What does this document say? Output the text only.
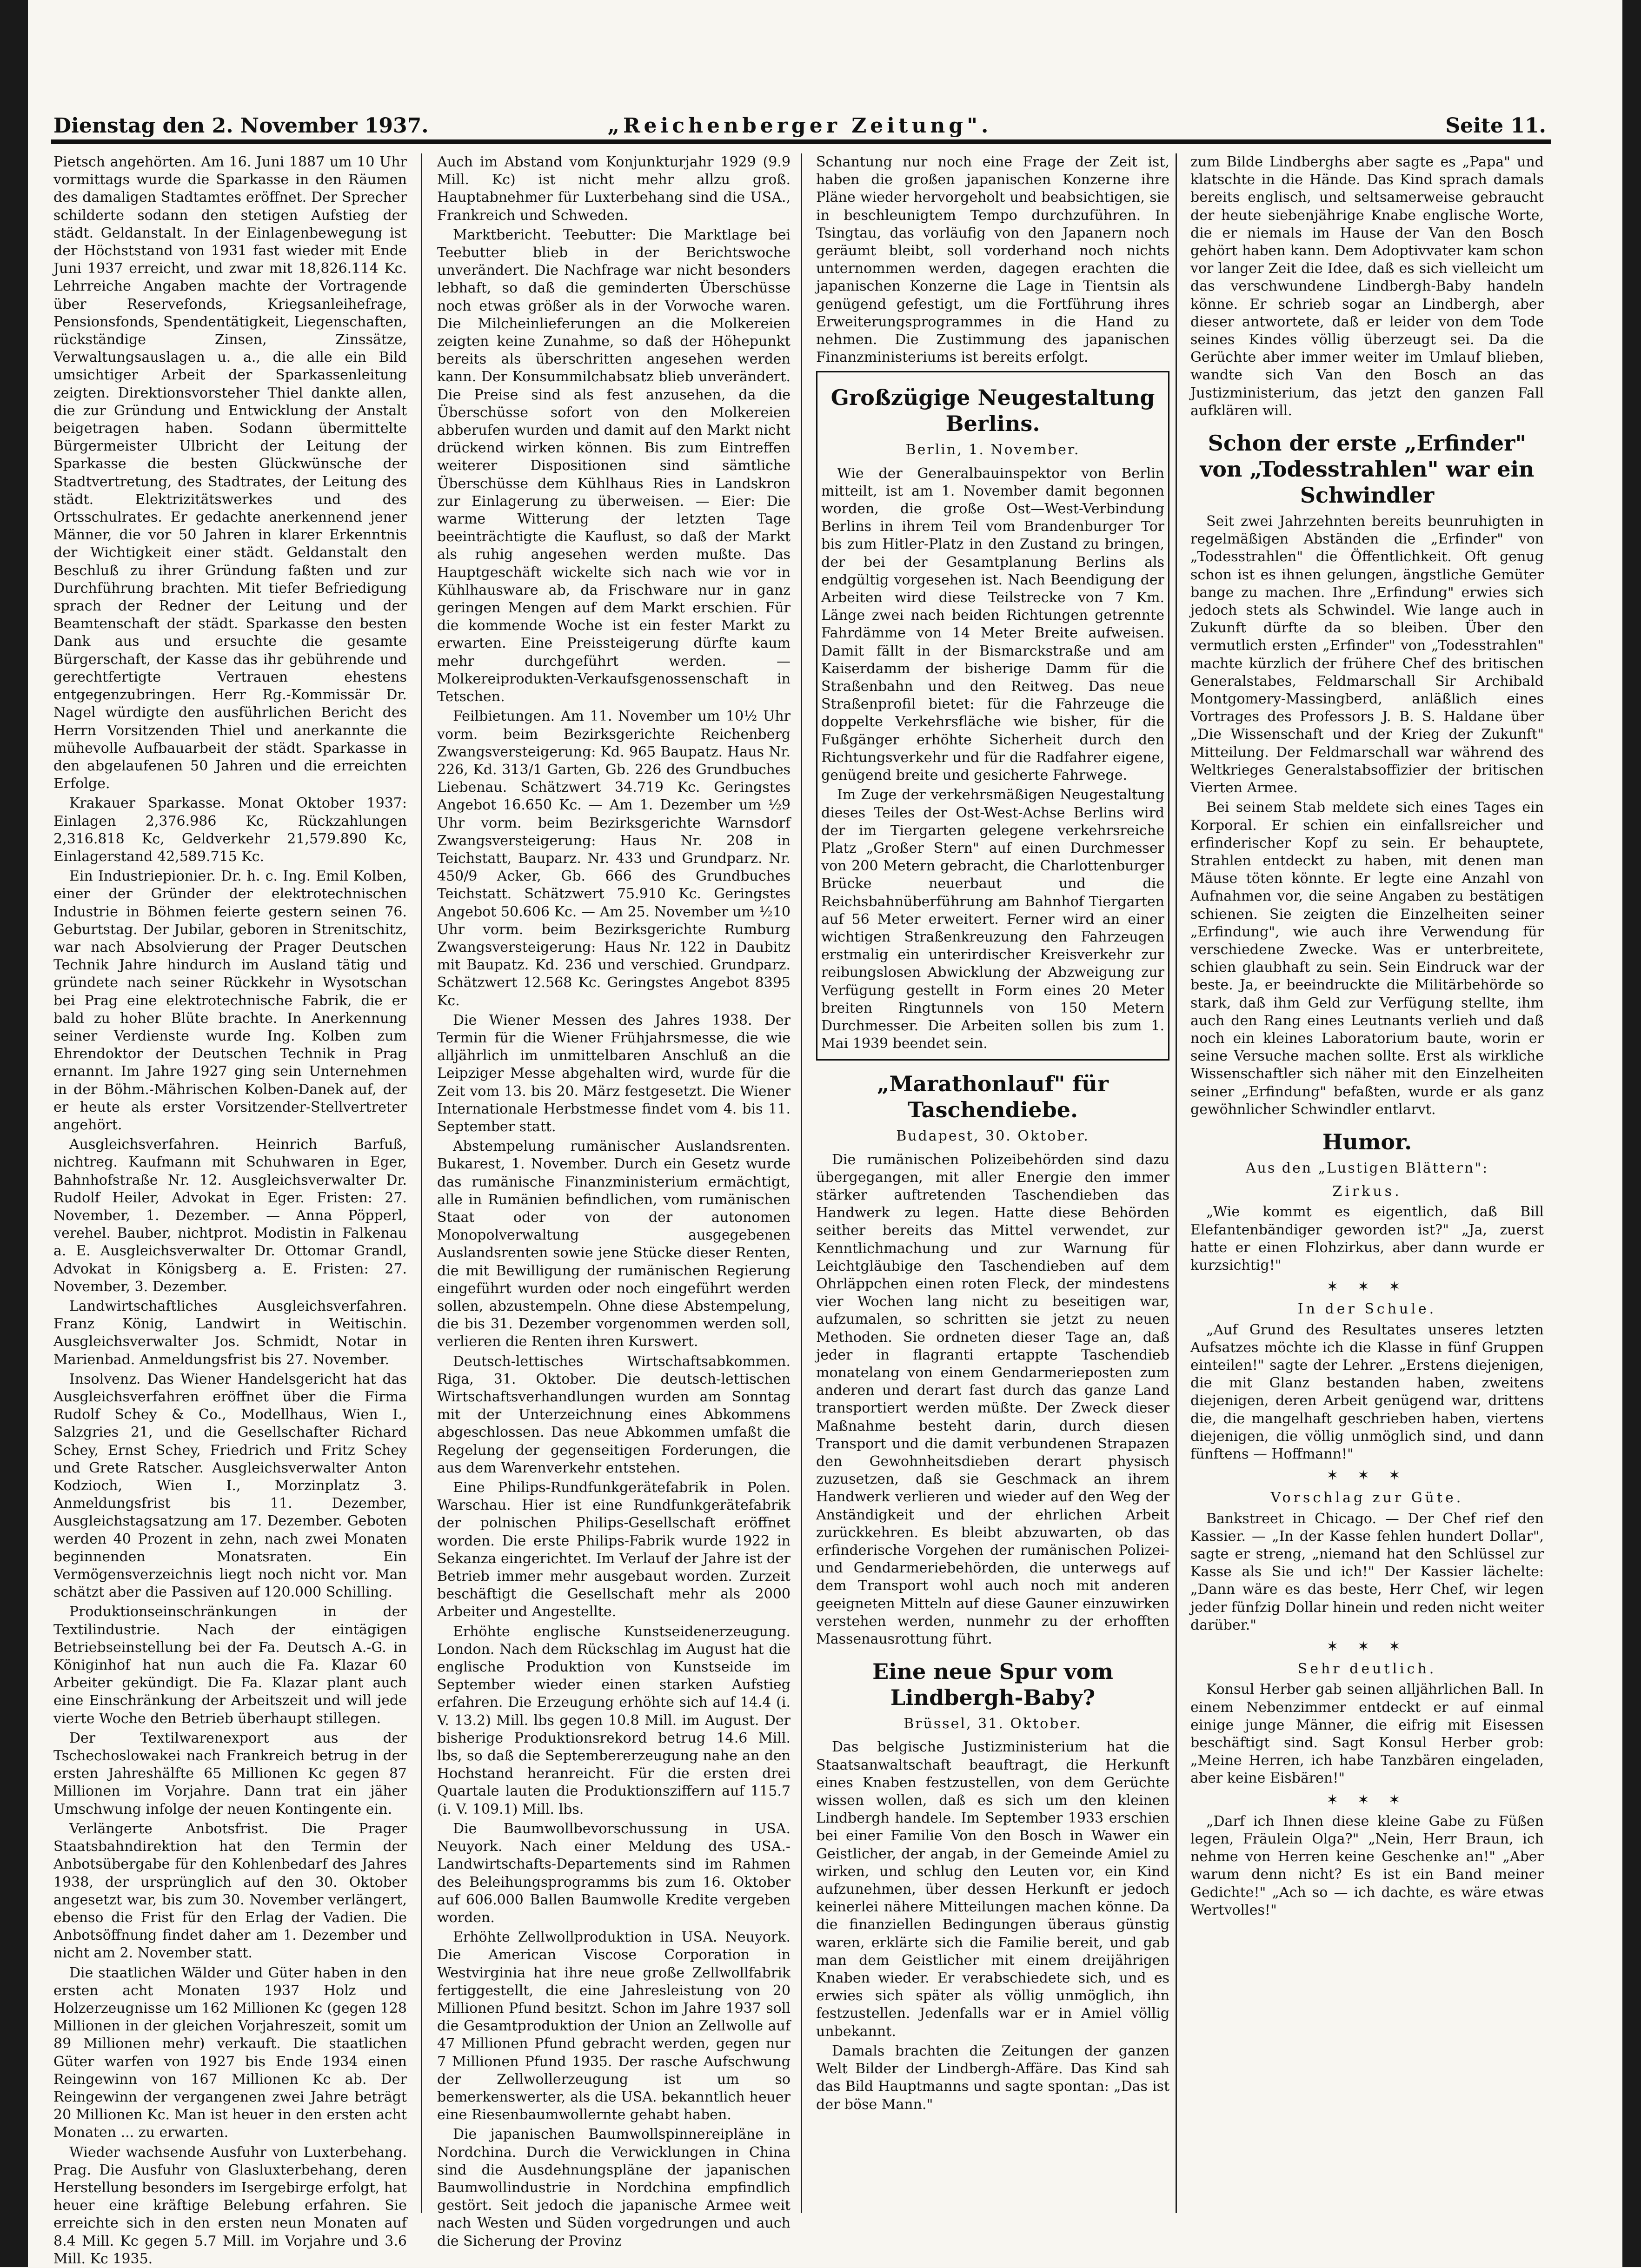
Dienstag den 2. November 1937.	„Reichenberger Zeitung".	Seite 11.

Pietsch angehörten. Am 16. Juni 1887 um 10 Uhr vormittags wurde die Sparkasse in den Räumen des damaligen Stadtamtes eröffnet. Der Sprecher schilderte sodann den stetigen Aufstieg der städt. Geldanstalt. In der Einlagenbewegung ist der Höchststand von 1931 fast wieder mit Ende Juni 1937 erreicht, und zwar mit 18,826.114 Kc. Lehrreiche Angaben machte der Vortragende über Reservefonds, Kriegsanleihefrage, Pensionsfonds, Spendentätigkeit, Liegenschaften, rückständige Zinsen, Zinssätze, Verwaltungsauslagen u. a., die alle ein Bild umsichtiger Arbeit der Sparkassenleitung zeigten. Direktionsvorsteher Thiel dankte allen, die zur Gründung und Entwicklung der Anstalt beigetragen haben. Sodann übermittelte Bürgermeister Ulbricht der Leitung der Sparkasse die besten Glückwünsche der Stadtvertretung, des Stadtrates, der Leitung des städt. Elektrizitätswerkes und des Ortsschulrates. Er gedachte anerkennend jener Männer, die vor 50 Jahren in klarer Erkenntnis der Wichtigkeit einer städt. Geldanstalt den Beschluß zu ihrer Gründung faßten und zur Durchführung brachten. Mit tiefer Befriedigung sprach der Redner der Leitung und der Beamtenschaft der städt. Sparkasse den besten Dank aus und ersuchte die gesamte Bürgerschaft, der Kasse das ihr gebührende und gerechtfertigte Vertrauen ehestens entgegenzubringen. Herr Rg.-Kommissär Dr. Nagel würdigte den ausführlichen Bericht des Herrn Vorsitzenden Thiel und anerkannte die mühevolle Aufbauarbeit der städt. Sparkasse in den abgelaufenen 50 Jahren und die erreichten Erfolge.

Krakauer Sparkasse. Monat Oktober 1937: Einlagen 2,376.986 Kc, Rückzahlungen 2,316.818 Kc, Geldverkehr 21,579.890 Kc, Einlagerstand 42,589.715 Kc.

Ein Industriepionier. Dr. h. c. Ing. Emil Kolben, einer der Gründer der elektrotechnischen Industrie in Böhmen feierte gestern seinen 76. Geburtstag. Der Jubilar, geboren in Strenitschitz, war nach Absolvierung der Prager Deutschen Technik Jahre hindurch im Ausland tätig und gründete nach seiner Rückkehr in Wysotschan bei Prag eine elektrotechnische Fabrik, die er bald zu hoher Blüte brachte. In Anerkennung seiner Verdienste wurde Ing. Kolben zum Ehrendoktor der Deutschen Technik in Prag ernannt. Im Jahre 1927 ging sein Unternehmen in der Böhm.-Mährischen Kolben-Danek auf, der er heute als erster Vorsitzender-Stellvertreter angehört.

Ausgleichsverfahren. Heinrich Barfuß, nichtreg. Kaufmann mit Schuhwaren in Eger, Bahnhofstraße Nr. 12. Ausgleichsverwalter Dr. Rudolf Heiler, Advokat in Eger. Fristen: 27. November, 1. Dezember. — Anna Pöpperl, verehel. Bauber, nichtprot. Modistin in Falkenau a. E. Ausgleichsverwalter Dr. Ottomar Grandl, Advokat in Königsberg a. E. Fristen: 27. November, 3. Dezember.

Landwirtschaftliches Ausgleichsverfahren. Franz König, Landwirt in Weitischin. Ausgleichsverwalter Jos. Schmidt, Notar in Marienbad. Anmeldungsfrist bis 27. November.

Insolvenz. Das Wiener Handelsgericht hat das Ausgleichsverfahren eröffnet über die Firma Rudolf Schey & Co., Modellhaus, Wien I., Salzgries 21, und die Gesellschafter Richard Schey, Ernst Schey, Friedrich und Fritz Schey und Grete Ratscher. Ausgleichsverwalter Anton Kodzioch, Wien I., Morzinplatz 3. Anmeldungsfrist bis 11. Dezember, Ausgleichstagsatzung am 17. Dezember. Geboten werden 40 Prozent in zehn, nach zwei Monaten beginnenden Monatsraten. Ein Vermögensverzeichnis liegt noch nicht vor. Man schätzt aber die Passiven auf 120.000 Schilling.

Produktionseinschränkungen in der Textilindustrie. Nach der eintägigen Betriebseinstellung bei der Fa. Deutsch A.-G. in Königinhof hat nun auch die Fa. Klazar 60 Arbeiter gekündigt. Die Fa. Klazar plant auch eine Einschränkung der Arbeitszeit und will jede vierte Woche den Betrieb überhaupt stillegen.

Der Textilwarenexport aus der Tschechoslowakei nach Frankreich betrug in der ersten Jahreshälfte 65 Millionen Kc gegen 87 Millionen im Vorjahre. Dann trat ein jäher Umschwung infolge der neuen Kontingente ein.

Verlängerte Anbotsfrist. Die Prager Staatsbahndirektion hat den Termin der Anbotsübergabe für den Kohlenbedarf des Jahres 1938, der ursprünglich auf den 30. Oktober angesetzt war, bis zum 30. November verlängert, ebenso die Frist für den Erlag der Vadien. Die Anbotsöffnung findet daher am 1. Dezember und nicht am 2. November statt.

Die staatlichen Wälder und Güter haben in den ersten acht Monaten 1937 Holz und Holzerzeugnisse um 162 Millionen Kc (gegen 128 Millionen in der gleichen Vorjahreszeit, somit um 89 Millionen mehr) verkauft. Die staatlichen Güter warfen von 1927 bis Ende 1934 einen Reingewinn von 167 Millionen Kc ab. Der Reingewinn der vergangenen zwei Jahre beträgt 20 Millionen Kc. Man ist heuer in den ersten acht Monaten ... zu erwarten.

Wieder wachsende Ausfuhr von Luxterbehang. Prag. Die Ausfuhr von Glasluxterbehang, deren Herstellung besonders im Isergebirge erfolgt, hat heuer eine kräftige Belebung erfahren. Sie erreichte sich in den ersten neun Monaten auf 8.4 Mill. Kc gegen 5.7 Mill. im Vorjahre und 3.6 Mill. Kc 1935.

Auch im Abstand vom Konjunkturjahr 1929 (9.9 Mill. Kc) ist nicht mehr allzu groß. Hauptabnehmer für Luxterbehang sind die USA., Frankreich und Schweden.

Marktbericht. Teebutter: Die Marktlage bei Teebutter blieb in der Berichtswoche unverändert. Die Nachfrage war nicht besonders lebhaft, so daß die geminderten Überschüsse noch etwas größer als in der Vorwoche waren. Die Milcheinlieferungen an die Molkereien zeigten keine Zunahme, so daß der Höhepunkt bereits als überschritten angesehen werden kann. Der Konsummilchabsatz blieb unverändert. Die Preise sind als fest anzusehen, da die Überschüsse sofort von den Molkereien abberufen wurden und damit auf den Markt nicht drückend wirken können. Bis zum Eintreffen weiterer Dispositionen sind sämtliche Überschüsse dem Kühlhaus Ries in Landskron zur Einlagerung zu überweisen. — Eier: Die warme Witterung der letzten Tage beeinträchtigte die Kauflust, so daß der Markt als ruhig angesehen werden mußte. Das Hauptgeschäft wickelte sich nach wie vor in Kühlhausware ab, da Frischware nur in ganz geringen Mengen auf dem Markt erschien. Für die kommende Woche ist ein fester Markt zu erwarten. Eine Preissteigerung dürfte kaum mehr durchgeführt werden. — Molkereiprodukten-Verkaufsgenossenschaft in Tetschen.

Feilbietungen. Am 11. November um 10½ Uhr vorm. beim Bezirksgerichte Reichenberg Zwangsversteigerung: Kd. 965 Baupatz. Haus Nr. 226, Kd. 313/1 Garten, Gb. 226 des Grundbuches Liebenau. Schätzwert 34.719 Kc. Geringstes Angebot 16.650 Kc. — Am 1. Dezember um ½9 Uhr vorm. beim Bezirksgerichte Warnsdorf Zwangsversteigerung: Haus Nr. 208 in Teichstatt, Bauparz. Nr. 433 und Grundparz. Nr. 450/9 Acker, Gb. 666 des Grundbuches Teichstatt. Schätzwert 75.910 Kc. Geringstes Angebot 50.606 Kc. — Am 25. November um ½10 Uhr vorm. beim Bezirksgerichte Rumburg Zwangsversteigerung: Haus Nr. 122 in Daubitz mit Baupatz. Kd. 236 und verschied. Grundparz. Schätzwert 12.568 Kc. Geringstes Angebot 8395 Kc.

Die Wiener Messen des Jahres 1938. Der Termin für die Wiener Frühjahrsmesse, die wie alljährlich im unmittelbaren Anschluß an die Leipziger Messe abgehalten wird, wurde für die Zeit vom 13. bis 20. März festgesetzt. Die Wiener Internationale Herbstmesse findet vom 4. bis 11. September statt.

Abstempelung rumänischer Auslandsrenten. Bukarest, 1. November. Durch ein Gesetz wurde das rumänische Finanzministerium ermächtigt, alle in Rumänien befindlichen, vom rumänischen Staat oder von der autonomen Monopolverwaltung ausgegebenen Auslandsrenten sowie jene Stücke dieser Renten, die mit Bewilligung der rumänischen Regierung eingeführt wurden oder noch eingeführt werden sollen, abzustempeln. Ohne diese Abstempelung, die bis 31. Dezember vorgenommen werden soll, verlieren die Renten ihren Kurswert.

Deutsch-lettisches Wirtschaftsabkommen. Riga, 31. Oktober. Die deutsch-lettischen Wirtschaftsverhandlungen wurden am Sonntag mit der Unterzeichnung eines Abkommens abgeschlossen. Das neue Abkommen umfaßt die Regelung der gegenseitigen Forderungen, die aus dem Warenverkehr entstehen.

Eine Philips-Rundfunkgerätefabrik in Polen. Warschau. Hier ist eine Rundfunkgerätefabrik der polnischen Philips-Gesellschaft eröffnet worden. Die erste Philips-Fabrik wurde 1922 in Sekanza eingerichtet. Im Verlauf der Jahre ist der Betrieb immer mehr ausgebaut worden. Zurzeit beschäftigt die Gesellschaft mehr als 2000 Arbeiter und Angestellte.

Erhöhte englische Kunstseidenerzeugung. London. Nach dem Rückschlag im August hat die englische Produktion von Kunstseide im September wieder einen starken Aufstieg erfahren. Die Erzeugung erhöhte sich auf 14.4 (i. V. 13.2) Mill. lbs gegen 10.8 Mill. im August. Der bisherige Produktionsrekord betrug 14.6 Mill. lbs, so daß die Septembererzeugung nahe an den Hochstand heranreicht. Für die ersten drei Quartale lauten die Produktionsziffern auf 115.7 (i. V. 109.1) Mill. lbs.

Die Baumwollbevorschussung in USA. Neuyork. Nach einer Meldung des USA.-Landwirtschafts-Departements sind im Rahmen des Beleihungsprogramms bis zum 16. Oktober auf 606.000 Ballen Baumwolle Kredite vergeben worden.

Erhöhte Zellwollproduktion in USA. Neuyork. Die American Viscose Corporation in Westvirginia hat ihre neue große Zellwollfabrik fertiggestellt, die eine Jahresleistung von 20 Millionen Pfund besitzt. Schon im Jahre 1937 soll die Gesamtproduktion der Union an Zellwolle auf 47 Millionen Pfund gebracht werden, gegen nur 7 Millionen Pfund 1935. Der rasche Aufschwung der Zellwollerzeugung ist um so bemerkenswerter, als die USA. bekanntlich heuer eine Riesenbaumwollernte gehabt haben.

Die japanischen Baumwollspinnereipläne in Nordchina. Durch die Verwicklungen in China sind die Ausdehnungspläne der japanischen Baumwollindustrie in Nordchina empfindlich gestört. Seit jedoch die japanische Armee weit nach Westen und Süden vorgedrungen und auch die Sicherung der Provinz

Schantung nur noch eine Frage der Zeit ist, haben die großen japanischen Konzerne ihre Pläne wieder hervorgeholt und beabsichtigen, sie in beschleunigtem Tempo durchzuführen. In Tsingtau, das vorläufig von den Japanern noch geräumt bleibt, soll vorderhand noch nichts unternommen werden, dagegen erachten die japanischen Konzerne die Lage in Tientsin als genügend gefestigt, um die Fortführung ihres Erweiterungsprogrammes in die Hand zu nehmen. Die Zustimmung des japanischen Finanzministeriums ist bereits erfolgt.

Großzügige Neugestaltung Berlins.
Berlin, 1. November.

Wie der Generalbauinspektor von Berlin mitteilt, ist am 1. November damit begonnen worden, die große Ost—West-Verbindung Berlins in ihrem Teil vom Brandenburger Tor bis zum Hitler-Platz in den Zustand zu bringen, der bei der Gesamtplanung Berlins als endgültig vorgesehen ist. Nach Beendigung der Arbeiten wird diese Teilstrecke von 7 Km. Länge zwei nach beiden Richtungen getrennte Fahrdämme von 14 Meter Breite aufweisen. Damit fällt in der Bismarckstraße und am Kaiserdamm der bisherige Damm für die Straßenbahn und den Reitweg. Das neue Straßenprofil bietet: für die Fahrzeuge die doppelte Verkehrsfläche wie bisher, für die Fußgänger erhöhte Sicherheit durch den Richtungsverkehr und für die Radfahrer eigene, genügend breite und gesicherte Fahrwege.

Im Zuge der verkehrsmäßigen Neugestaltung dieses Teiles der Ost-West-Achse Berlins wird der im Tiergarten gelegene verkehrsreiche Platz „Großer Stern" auf einen Durchmesser von 200 Metern gebracht, die Charlottenburger Brücke neuerbaut und die Reichsbahnüberführung am Bahnhof Tiergarten auf 56 Meter erweitert. Ferner wird an einer wichtigen Straßenkreuzung den Fahrzeugen erstmalig ein unterirdischer Kreisverkehr zur reibungslosen Abwicklung der Abzweigung zur Verfügung gestellt in Form eines 20 Meter breiten Ringtunnels von 150 Metern Durchmesser. Die Arbeiten sollen bis zum 1. Mai 1939 beendet sein.

„Marathonlauf" für Taschendiebe.
Budapest, 30. Oktober.

Die rumänischen Polizeibehörden sind dazu übergegangen, mit aller Energie den immer stärker auftretenden Taschendieben das Handwerk zu legen. Hatte diese Behörden seither bereits das Mittel verwendet, zur Kenntlichmachung und zur Warnung für Leichtgläubige den Taschendieben auf dem Ohrläppchen einen roten Fleck, der mindestens vier Wochen lang nicht zu beseitigen war, aufzumalen, so schritten sie jetzt zu neuen Methoden. Sie ordneten dieser Tage an, daß jeder in flagranti ertappte Taschendieb monatelang von einem Gendarmerieposten zum anderen und derart fast durch das ganze Land transportiert werden müßte. Der Zweck dieser Maßnahme besteht darin, durch diesen Transport und die damit verbundenen Strapazen den Gewohnheitsdieben derart physisch zuzusetzen, daß sie Geschmack an ihrem Handwerk verlieren und wieder auf den Weg der Anständigkeit und der ehrlichen Arbeit zurückkehren. Es bleibt abzuwarten, ob das erfinderische Vorgehen der rumänischen Polizei- und Gendarmeriebehörden, die unterwegs auf dem Transport wohl auch noch mit anderen geeigneten Mitteln auf diese Gauner einzuwirken verstehen werden, nunmehr zu der erhofften Massenausrottung führt.

Eine neue Spur vom Lindbergh-Baby?
Brüssel, 31. Oktober.

Das belgische Justizministerium hat die Staatsanwaltschaft beauftragt, die Herkunft eines Knaben festzustellen, von dem Gerüchte wissen wollen, daß es sich um den kleinen Lindbergh handele. Im September 1933 erschien bei einer Familie Von den Bosch in Wawer ein Geistlicher, der angab, in der Gemeinde Amiel zu wirken, und schlug den Leuten vor, ein Kind aufzunehmen, über dessen Herkunft er jedoch keinerlei nähere Mitteilungen machen könne. Da die finanziellen Bedingungen überaus günstig waren, erklärte sich die Familie bereit, und gab man dem Geistlicher mit einem dreijährigen Knaben wieder. Er verabschiedete sich, und es erwies sich später als völlig unmöglich, ihn festzustellen. Jedenfalls war er in Amiel völlig unbekannt.

Damals brachten die Zeitungen der ganzen Welt Bilder der Lindbergh-Affäre. Das Kind sah das Bild Hauptmanns und sagte spontan: „Das ist der böse Mann."

zum Bilde Lindberghs aber sagte es „Papa" und klatschte in die Hände. Das Kind sprach damals bereits englisch, und seltsamerweise gebraucht der heute siebenjährige Knabe englische Worte, die er niemals im Hause der Van den Bosch gehört haben kann. Dem Adoptivvater kam schon vor langer Zeit die Idee, daß es sich vielleicht um das verschwundene Lindbergh-Baby handeln könne. Er schrieb sogar an Lindbergh, aber dieser antwortete, daß er leider von dem Tode seines Kindes völlig überzeugt sei. Da die Gerüchte aber immer weiter im Umlauf blieben, wandte sich Van den Bosch an das Justizministerium, das jetzt den ganzen Fall aufklären will.

Schon der erste „Erfinder" von „Todesstrahlen" war ein Schwindler

Seit zwei Jahrzehnten bereits beunruhigten in regelmäßigen Abständen die „Erfinder" von „Todesstrahlen" die Öffentlichkeit. Oft genug schon ist es ihnen gelungen, ängstliche Gemüter bange zu machen. Ihre „Erfindung" erwies sich jedoch stets als Schwindel. Wie lange auch in Zukunft dürfte da so bleiben. Über den vermutlich ersten „Erfinder" von „Todesstrahlen" machte kürzlich der frühere Chef des britischen Generalstabes, Feldmarschall Sir Archibald Montgomery-Massingberd, anläßlich eines Vortrages des Professors J. B. S. Haldane über „Die Wissenschaft und der Krieg der Zukunft" Mitteilung. Der Feldmarschall war während des Weltkrieges Generalstabsoffizier der britischen Vierten Armee.

Bei seinem Stab meldete sich eines Tages ein Korporal. Er schien ein einfallsreicher und erfinderischer Kopf zu sein. Er behauptete, Strahlen entdeckt zu haben, mit denen man Mäuse töten könnte. Er legte eine Anzahl von Aufnahmen vor, die seine Angaben zu bestätigen schienen. Sie zeigten die Einzelheiten seiner „Erfindung", wie auch ihre Verwendung für verschiedene Zwecke. Was er unterbreitete, schien glaubhaft zu sein. Sein Eindruck war der beste. Ja, er beeindruckte die Militärbehörde so stark, daß ihm Geld zur Verfügung stellte, ihm auch den Rang eines Leutnants verlieh und daß noch ein kleines Laboratorium baute, worin er seine Versuche machen sollte. Erst als wirkliche Wissenschaftler sich näher mit den Einzelheiten seiner „Erfindung" befaßten, wurde er als ganz gewöhnlicher Schwindler entlarvt.

Humor.
Aus den „Lustigen Blättern":
Zirkus.

„Wie kommt es eigentlich, daß Bill Elefantenbändiger geworden ist?" „Ja, zuerst hatte er einen Flohzirkus, aber dann wurde er kurzsichtig!"

✶ ✶ ✶
In der Schule.

„Auf Grund des Resultates unseres letzten Aufsatzes möchte ich die Klasse in fünf Gruppen einteilen!" sagte der Lehrer. „Erstens diejenigen, die mit Glanz bestanden haben, zweitens diejenigen, deren Arbeit genügend war, drittens die, die mangelhaft geschrieben haben, viertens diejenigen, die völlig unmöglich sind, und dann fünftens — Hoffmann!"

✶ ✶ ✶
Vorschlag zur Güte.

Bankstreet in Chicago. — Der Chef rief den Kassier. — „In der Kasse fehlen hundert Dollar", sagte er streng, „niemand hat den Schlüssel zur Kasse als Sie und ich!" Der Kassier lächelte: „Dann wäre es das beste, Herr Chef, wir legen jeder fünfzig Dollar hinein und reden nicht weiter darüber."

✶ ✶ ✶
Sehr deutlich.

Konsul Herber gab seinen alljährlichen Ball. In einem Nebenzimmer entdeckt er auf einmal einige junge Männer, die eifrig mit Eisessen beschäftigt sind. Sagt Konsul Herber grob: „Meine Herren, ich habe Tanzbären eingeladen, aber keine Eisbären!"

✶ ✶ ✶

„Darf ich Ihnen diese kleine Gabe zu Füßen legen, Fräulein Olga?" „Nein, Herr Braun, ich nehme von Herren keine Geschenke an!" „Aber warum denn nicht? Es ist ein Band meiner Gedichte!" „Ach so — ich dachte, es wäre etwas Wertvolles!"
